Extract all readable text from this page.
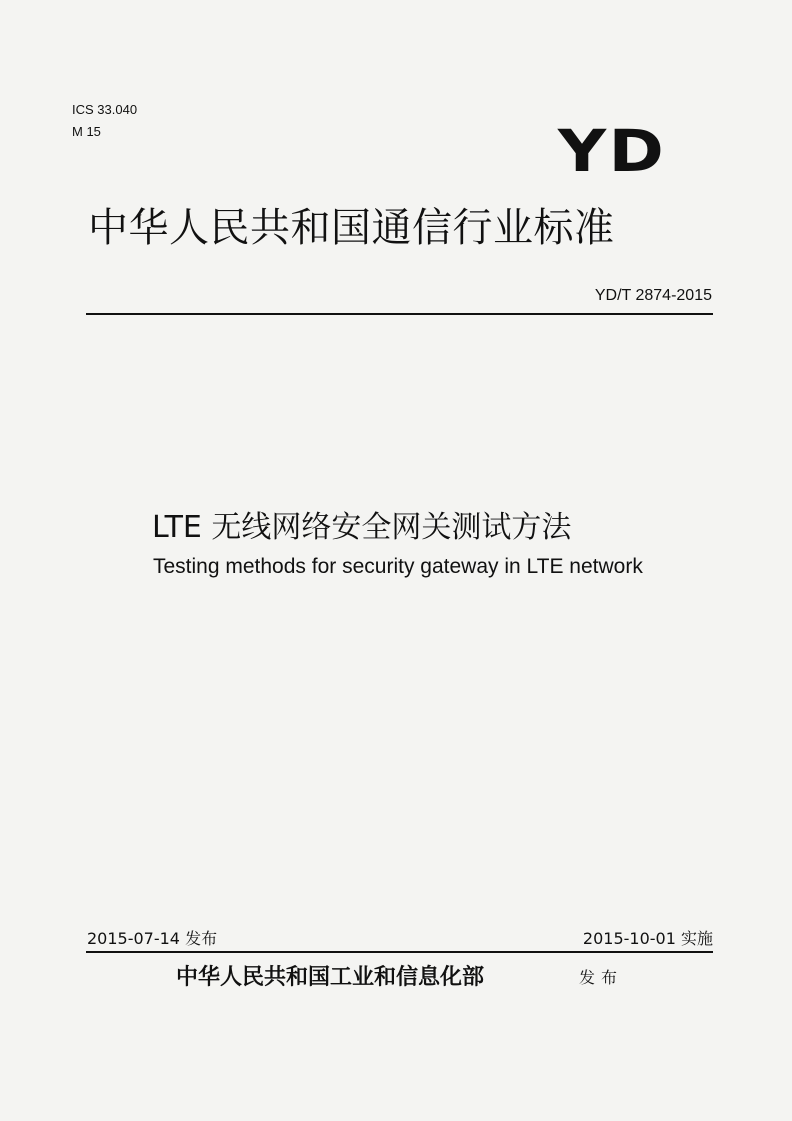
ICS 33.040
M 15	YD
中华人民共和国通信行业标准
YD/T 2874-2015
LTE 无线网络安全网关测试方法
Testing methods for security gateway in LTE network
2015-07-14 发布	2015-10-01 实施
中华人民共和国工业和信息化部	发布
